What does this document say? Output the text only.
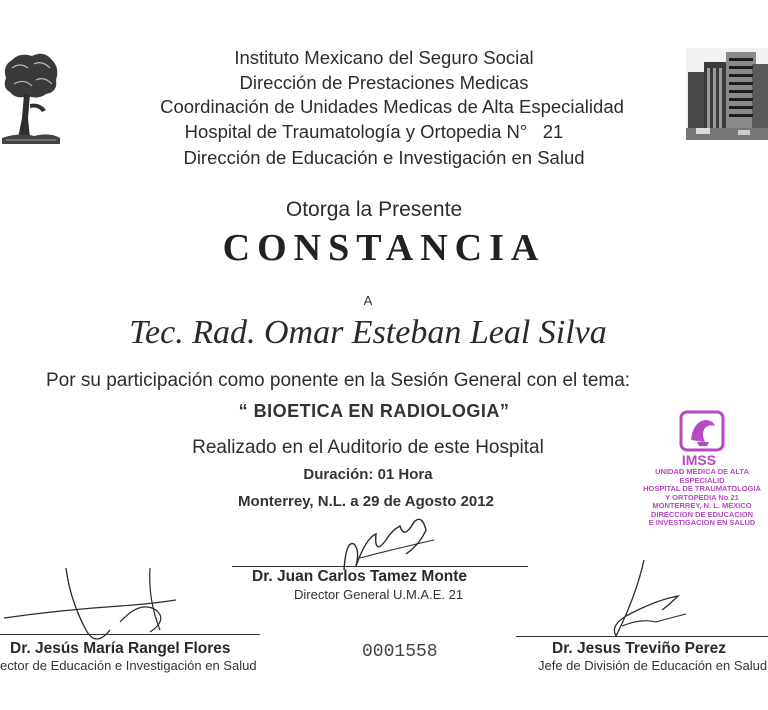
Instituto Mexicano del Seguro Social
Dirección de Prestaciones Medicas
Coordinación de Unidades Medicas de Alta Especialidad
Hospital de Traumatología y Ortopedia N°   21
Dirección de Educación e Investigación en Salud
Otorga la Presente
CONSTANCIA
A
Tec. Rad. Omar Esteban Leal Silva
Por su participación como ponente en la Sesión General con el tema:
“ BIOETICA EN RADIOLOGIA”
Realizado en el Auditorio de este Hospital
Duración: 01 Hora
Monterrey, N.L. a 29 de Agosto 2012
IMSS
UNIDAD MEDICA DE ALTA ESPECIALID
HOSPITAL DE TRAUMATOLOGIA
Y ORTOPEDIA No 21
MONTERREY, N. L. MEXICO
DIRECCION DE EDUCACION
E INVESTIGACION EN SALUD
Dr. Juan Carlos Tamez Monte
Director General U.M.A.E. 21
Dr. Jesús María Rangel Flores
ector de Educación e Investigación en Salud
0001558	Dr. Jesus Treviño Perez
Jefe de División de Educación en Salud
